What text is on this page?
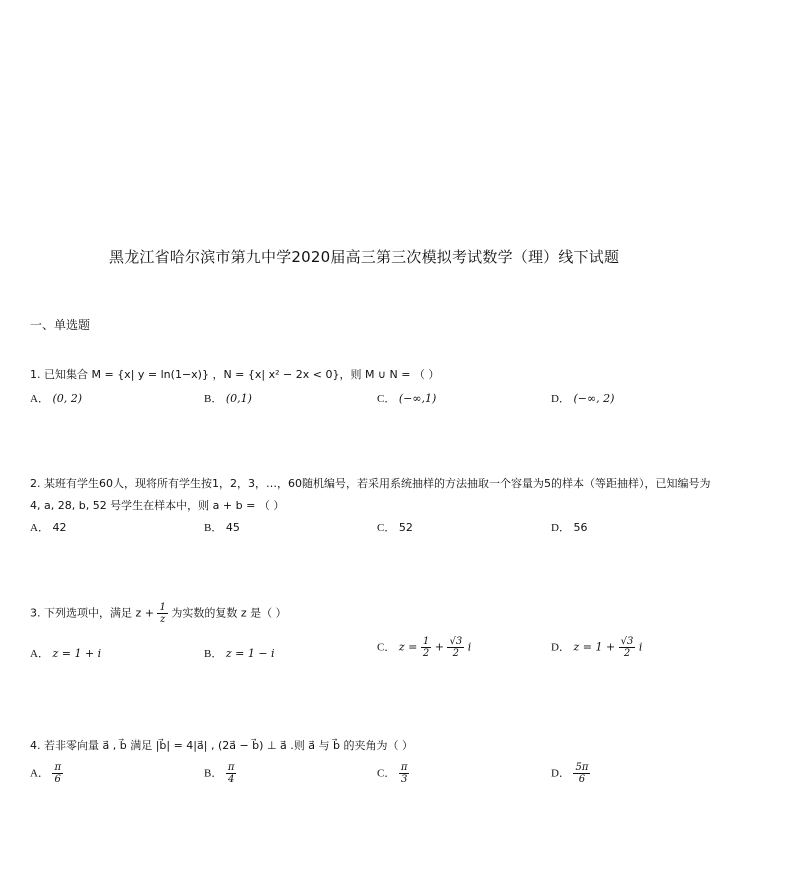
黑龙江省哈尔滨市第九中学2020届高三第三次模拟考试数学（理）线下试题
一、单选题
1. 已知集合 M = {x| y = ln(1−x)} ，N = {x| x² − 2x < 0}，则 M ∪ N = （ ）
A． (0, 2)	B． (0,1)	C． (−∞,1)	D． (−∞, 2)
2. 某班有学生60人，现将所有学生按1，2，3，…，60随机编号，若采用系统抽样的方法抽取一个容量为5的样本（等距抽样），已知编号为
4, a, 28, b, 52 号学生在样本中，则 a + b = （ ）
A． 42	B． 45	C． 52	D． 56
3. 下列选项中，满足 $z + \frac{1}{z}$ 为实数的复数 z 是（ ）
A． z = 1 + i	B． z = 1 − i	C． $z = \frac{1}{2} + \frac{√3}{2}$ i	D． $z = 1 + \frac{√3}{2}$ i
4. 若非零向量 a⃗ , b⃗ 满足 |b⃗| = 4|a⃗| , (2a⃗ − b⃗) ⊥ a⃗ .则 a⃗ 与 b⃗ 的夹角为（ ）
A． $\frac{\pi}{6}$	B． $\frac{\pi}{4}$	C． $\frac{\pi}{3}$	D． $\frac{5\pi}{6}$
